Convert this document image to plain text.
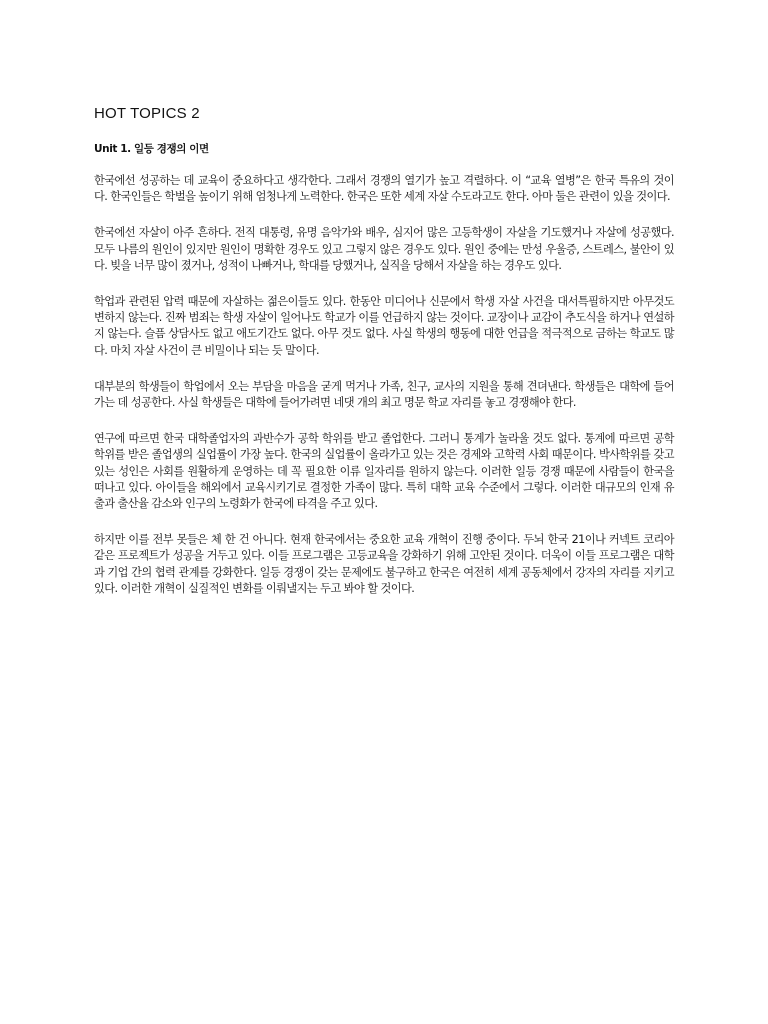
HOT TOPICS 2
Unit 1. 일등 경쟁의 이면

한국에선 성공하는 데 교육이 중요하다고 생각한다. 그래서 경쟁의 열기가 높고 격렬하다. 이 “교육 열병”은 한국 특유의 것이다. 한국인들은 학벌을 높이기 위해 엄청나게 노력한다. 한국은 또한 세계 자살 수도라고도 한다. 아마 둘은 관련이 있을 것이다.

한국에선 자살이 아주 흔하다. 전직 대통령, 유명 음악가와 배우, 심지어 많은 고등학생이 자살을 기도했거나 자살에 성공했다. 모두 나름의 원인이 있지만 원인이 명확한 경우도 있고 그렇지 않은 경우도 있다. 원인 중에는 만성 우울증, 스트레스, 불안이 있다. 빚을 너무 많이 졌거나, 성적이 나빠거나, 학대를 당했거나, 실직을 당해서 자살을 하는 경우도 있다.

학업과 관련된 압력 때문에 자살하는 젊은이들도 있다. 한동안 미디어나 신문에서 학생 자살 사건을 대서특필하지만 아무것도 변하지 않는다. 진짜 범죄는 학생 자살이 일어나도 학교가 이를 언급하지 않는 것이다. 교장이나 교감이 추도식을 하거나 연설하지 않는다. 슬픔 상담사도 없고 애도기간도 없다. 아무 것도 없다. 사실 학생의 행동에 대한 언급을 적극적으로 금하는 학교도 많다. 마치 자살 사건이 큰 비밀이나 되는 듯 말이다.

대부분의 학생들이 학업에서 오는 부담을 마음을 굳게 먹거나 가족, 친구, 교사의 지원을 통해 견뎌낸다. 학생들은 대학에 들어가는 데 성공한다. 사실 학생들은 대학에 들어가려면 네댓 개의 최고 명문 학교 자리를 놓고 경쟁해야 한다.

연구에 따르면 한국 대학졸업자의 과반수가 공학 학위를 받고 졸업한다. 그러니 통계가 놀라울 것도 없다. 통계에 따르면 공학 학위를 받은 졸업생의 실업률이 가장 높다. 한국의 실업률이 올라가고 있는 것은 경제와 고학력 사회 때문이다. 박사학위를 갖고 있는 성인은 사회를 원활하게 운영하는 데 꼭 필요한 이류 일자리를 원하지 않는다. 이러한 일등 경쟁 때문에 사람들이 한국을 떠나고 있다. 아이들을 해외에서 교육시키기로 결정한 가족이 많다. 특히 대학 교육 수준에서 그렇다. 이러한 대규모의 인재 유출과 출산율 감소와 인구의 노령화가 한국에 타격을 주고 있다.

하지만 이를 전부 못들은 체 한 건 아니다. 현재 한국에서는 중요한 교육 개혁이 진행 중이다. 두뇌 한국 21이나 커넥트 코리아 같은 프로젝트가 성공을 거두고 있다. 이들 프로그램은 고등교육을 강화하기 위해 고안된 것이다. 더욱이 이들 프로그램은 대학과 기업 간의 협력 관계를 강화한다. 일등 경쟁이 갖는 문제에도 불구하고 한국은 여전히 세계 공동체에서 강자의 자리를 지키고 있다. 이러한 개혁이 실질적인 변화를 이뤄낼지는 두고 봐야 할 것이다.
